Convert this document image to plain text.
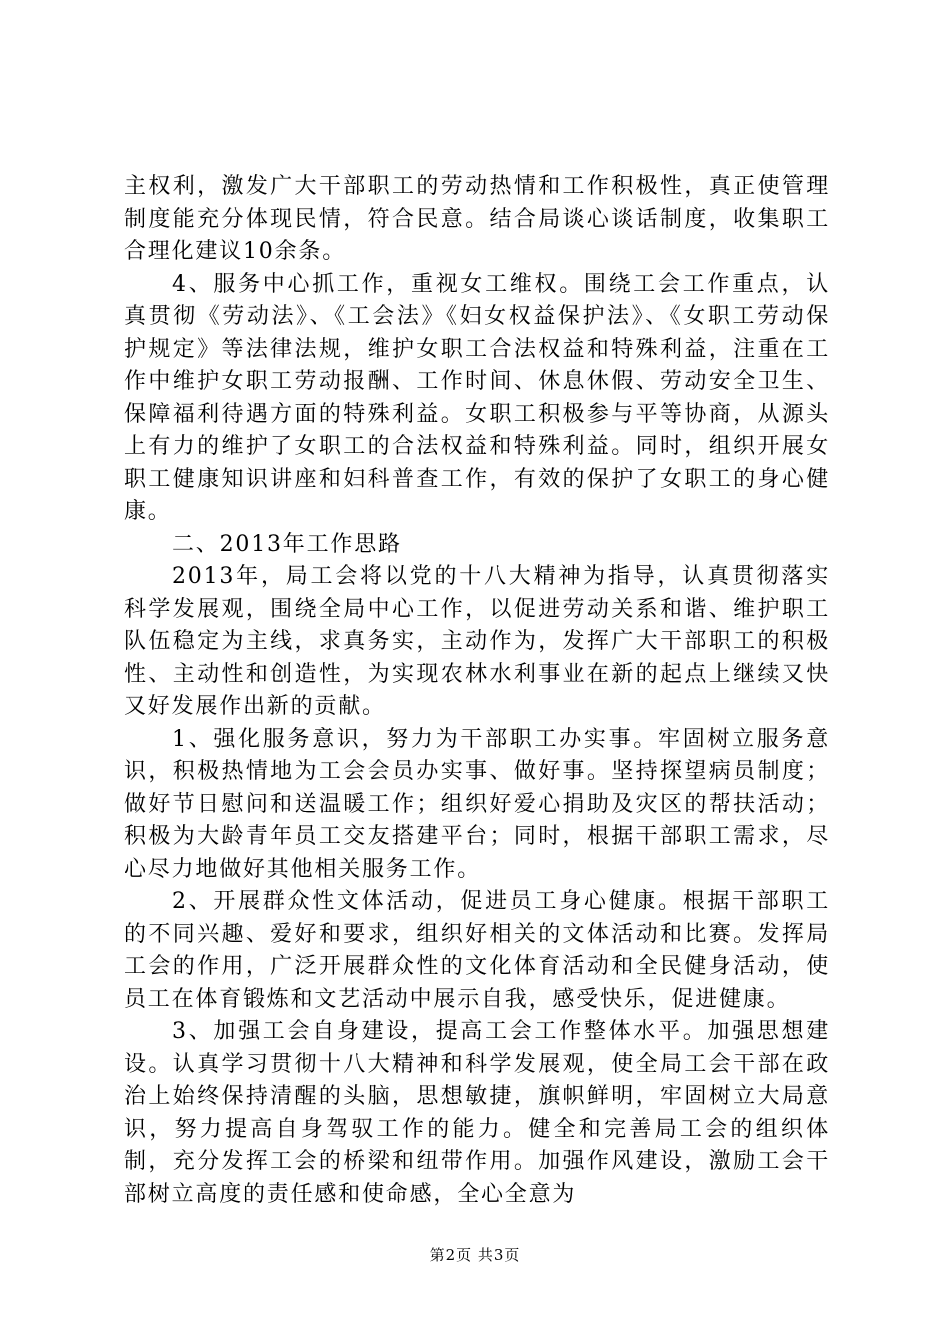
主权利，激发广大干部职工的劳动热情和工作积极性，真正使管理制度能充分体现民情，符合民意。结合局谈心谈话制度，收集职工合理化建议10余条。

4、服务中心抓工作，重视女工维权。围绕工会工作重点，认真贯彻《劳动法》、《工会法》《妇女权益保护法》、《女职工劳动保护规定》等法律法规，维护女职工合法权益和特殊利益，注重在工作中维护女职工劳动报酬、工作时间、休息休假、劳动安全卫生、保障福利待遇方面的特殊利益。女职工积极参与平等协商，从源头上有力的维护了女职工的合法权益和特殊利益。同时，组织开展女职工健康知识讲座和妇科普查工作，有效的保护了女职工的身心健康。

二、2013年工作思路

2013年，局工会将以党的十八大精神为指导，认真贯彻落实科学发展观，围绕全局中心工作，以促进劳动关系和谐、维护职工队伍稳定为主线，求真务实，主动作为，发挥广大干部职工的积极性、主动性和创造性，为实现农林水利事业在新的起点上继续又快又好发展作出新的贡献。

1、强化服务意识，努力为干部职工办实事。牢固树立服务意识，积极热情地为工会会员办实事、做好事。坚持探望病员制度；做好节日慰问和送温暖工作；组织好爱心捐助及灾区的帮扶活动；积极为大龄青年员工交友搭建平台；同时，根据干部职工需求，尽心尽力地做好其他相关服务工作。

2、开展群众性文体活动，促进员工身心健康。根据干部职工的不同兴趣、爱好和要求，组织好相关的文体活动和比赛。发挥局工会的作用，广泛开展群众性的文化体育活动和全民健身活动，使员工在体育锻炼和文艺活动中展示自我，感受快乐，促进健康。

3、加强工会自身建设，提高工会工作整体水平。加强思想建设。认真学习贯彻十八大精神和科学发展观，使全局工会干部在政治上始终保持清醒的头脑，思想敏捷，旗帜鲜明，牢固树立大局意识，努力提高自身驾驭工作的能力。健全和完善局工会的组织体制，充分发挥工会的桥梁和纽带作用。加强作风建设，激励工会干部树立高度的责任感和使命感，全心全意为

第2页 共3页
